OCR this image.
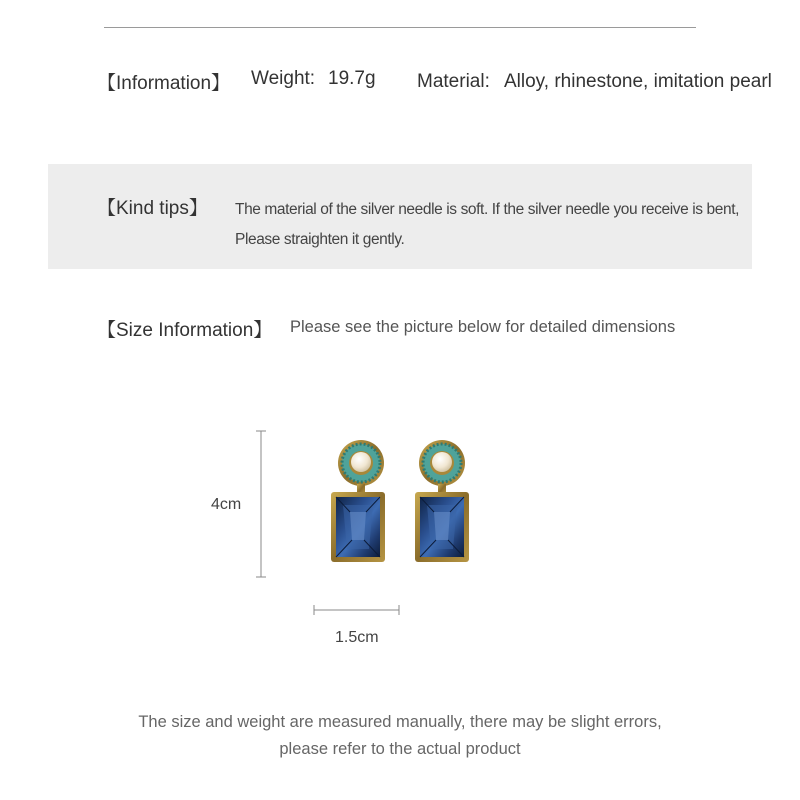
【Information】 Weight: 19.7g Material: Alloy, rhinestone, imitation pearl
【Kind tips】 The material of the silver needle is soft. If the silver needle you receive is bent,
Please straighten it gently.
【Size Information】 Please see the picture below for detailed dimensions
4cm
1.5cm
The size and weight are measured manually, there may be slight errors,
please refer to the actual product
